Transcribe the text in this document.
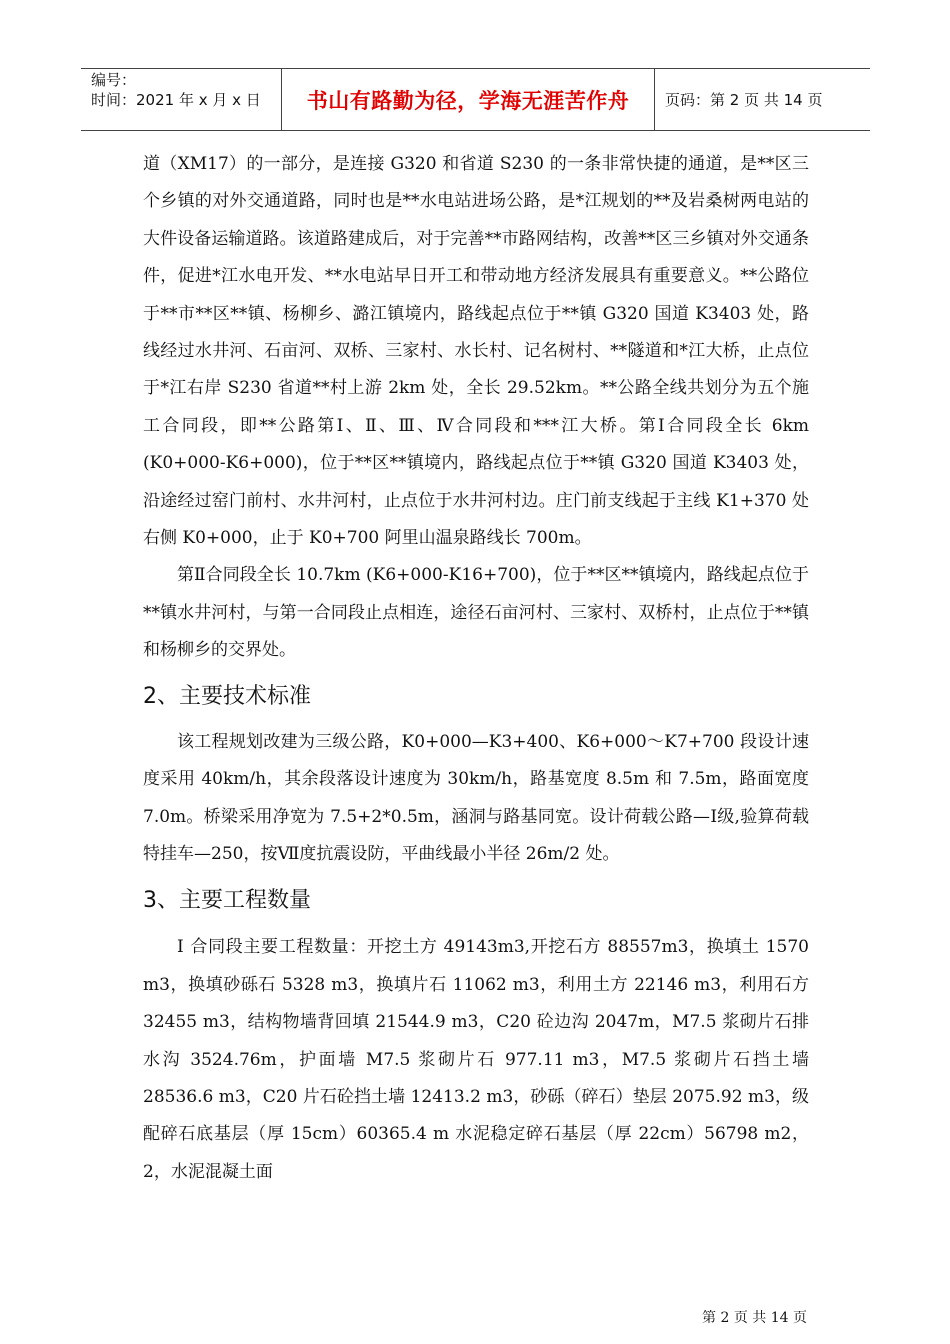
编号：
时间：2021 年 x 月 x 日	书山有路勤为径，学海无涯苦作舟	页码：第 2 页 共 14 页

道（XM17）的一部分，是连接 G320 和省道 S230 的一条非常快捷的通道，是**区三个乡镇的对外交通道路，同时也是**水电站进场公路，是*江规划的**及岩桑树两电站的大件设备运输道路。该道路建成后，对于完善**市路网结构，改善**区三乡镇对外交通条件，促进*江水电开发、**水电站早日开工和带动地方经济发展具有重要意义。**公路位于**市**区**镇、杨柳乡、潞江镇境内，路线起点位于**镇 G320 国道 K3403 处，路线经过水井河、石亩河、双桥、三家村、水长村、记名树村、**隧道和*江大桥，止点位于*江右岸 S230 省道**村上游 2km 处，全长 29.52km。**公路全线共划分为五个施工合同段，即**公路第Ⅰ、Ⅱ、Ⅲ、Ⅳ合同段和***江大桥。第Ⅰ合同段全长 6km (K0+000-K6+000)，位于**区**镇境内，路线起点位于**镇 G320 国道 K3403 处，沿途经过窑门前村、水井河村，止点位于水井河村边。庄门前支线起于主线 K1+370 处右侧 K0+000，止于 K0+700 阿里山温泉路线长 700m。

第Ⅱ合同段全长 10.7km (K6+000-K16+700)，位于**区**镇境内，路线起点位于**镇水井河村，与第一合同段止点相连，途径石亩河村、三家村、双桥村，止点位于**镇和杨柳乡的交界处。

2、主要技术标准

该工程规划改建为三级公路，K0+000—K3+400、K6+000～K7+700 段设计速度采用 40km/h，其余段落设计速度为 30km/h，路基宽度 8.5m 和 7.5m，路面宽度 7.0m。桥梁采用净宽为 7.5+2*0.5m，涵洞与路基同宽。设计荷载公路—Ⅰ级,验算荷载特挂车—250，按Ⅶ度抗震设防，平曲线最小半径 26m/2 处。

3、主要工程数量

Ⅰ 合同段主要工程数量：开挖土方 49143m3,开挖石方 88557m3，换填土 1570 m3，换填砂砾石 5328 m3，换填片石 11062 m3，利用土方 22146 m3，利用石方 32455 m3，结构物墙背回填 21544.9 m3，C20 砼边沟 2047m，M7.5 浆砌片石排水沟 3524.76m，护面墙 M7.5 浆砌片石 977.11 m3，M7.5 浆砌片石挡土墙 28536.6 m3，C20 片石砼挡土墙 12413.2 m3，砂砾（碎石）垫层 2075.92 m3，级配碎石底基层（厚 15cm）60365.4 m 水泥稳定碎石基层（厚 22cm）56798 m2，2，水泥混凝土面

第 2 页 共 14 页
